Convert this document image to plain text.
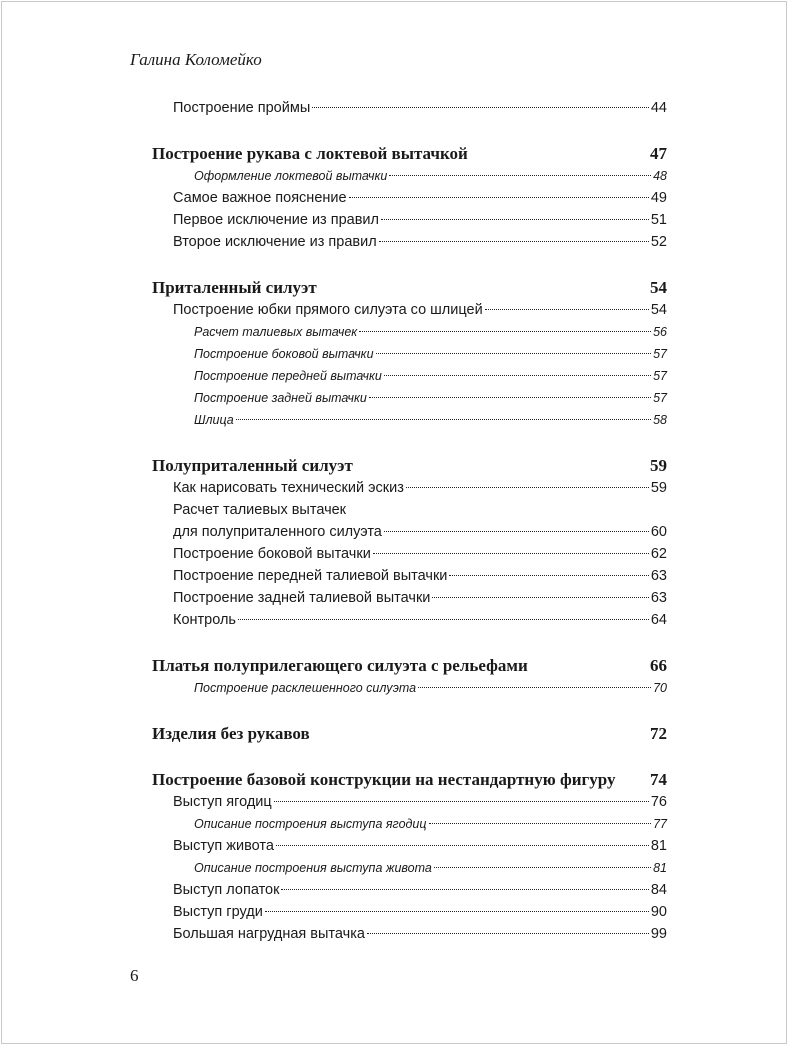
Галина Коломейко
Построение проймы	44
Построение рукава с локтевой вытачкой	47
Оформление локтевой вытачки	48
Самое важное пояснение	49
Первое исключение из правил	51
Второе исключение из правил	52
Приталенный силуэт	54
Построение юбки прямого силуэта со шлицей	54
Расчет талиевых вытачек	56
Построение боковой вытачки	57
Построение передней вытачки	57
Построение задней вытачки	57
Шлица	58
Полуприталенный силуэт	59
Как нарисовать технический эскиз	59
Расчет талиевых вытачек
для полуприталенного силуэта	60
Построение боковой вытачки	62
Построение передней талиевой вытачки	63
Построение задней талиевой вытачки	63
Контроль	64
Платья полуприлегающего силуэта с рельефами	66
Построение расклешенного силуэта	70
Изделия без рукавов	72
Построение базовой конструкции на нестандартную фигуру 74
Выступ ягодиц	76
Описание построения выступа ягодиц	77
Выступ живота	81
Описание построения выступа живота	81
Выступ лопаток	84
Выступ груди	90
Большая нагрудная вытачка	99
6
